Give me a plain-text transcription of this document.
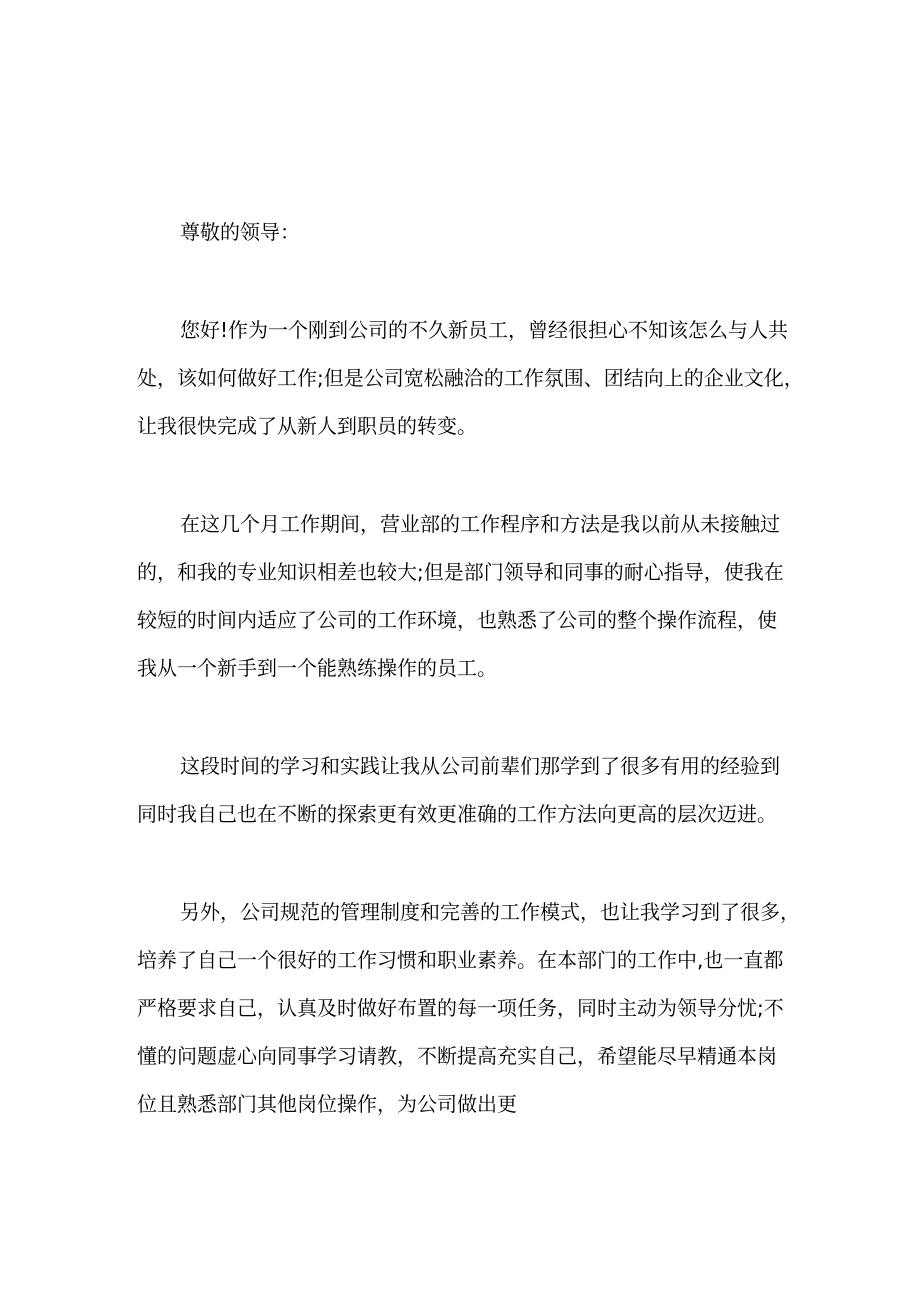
尊敬的领导：

您好!作为一个刚到公司的不久新员工，曾经很担心不知该怎么与人共
处，该如何做好工作;但是公司宽松融洽的工作氛围、团结向上的企业文化，
让我很快完成了从新人到职员的转变。
在这几个月工作期间，营业部的工作程序和方法是我以前从未接触过
的，和我的专业知识相差也较大;但是部门领导和同事的耐心指导，使我在
较短的时间内适应了公司的工作环境，也熟悉了公司的整个操作流程，使
我从一个新手到一个能熟练操作的员工。
这段时间的学习和实践让我从公司前辈们那学到了很多有用的经验到
同时我自己也在不断的探索更有效更准确的工作方法向更高的层次迈进。
另外，公司规范的管理制度和完善的工作模式，也让我学习到了很多，
培养了自己一个很好的工作习惯和职业素养。在本部门的工作中,也一直都
严格要求自己，认真及时做好布置的每一项任务，同时主动为领导分忧;不
懂的问题虚心向同事学习请教，不断提高充实自己，希望能尽早精通本岗
位且熟悉部门其他岗位操作，为公司做出更
